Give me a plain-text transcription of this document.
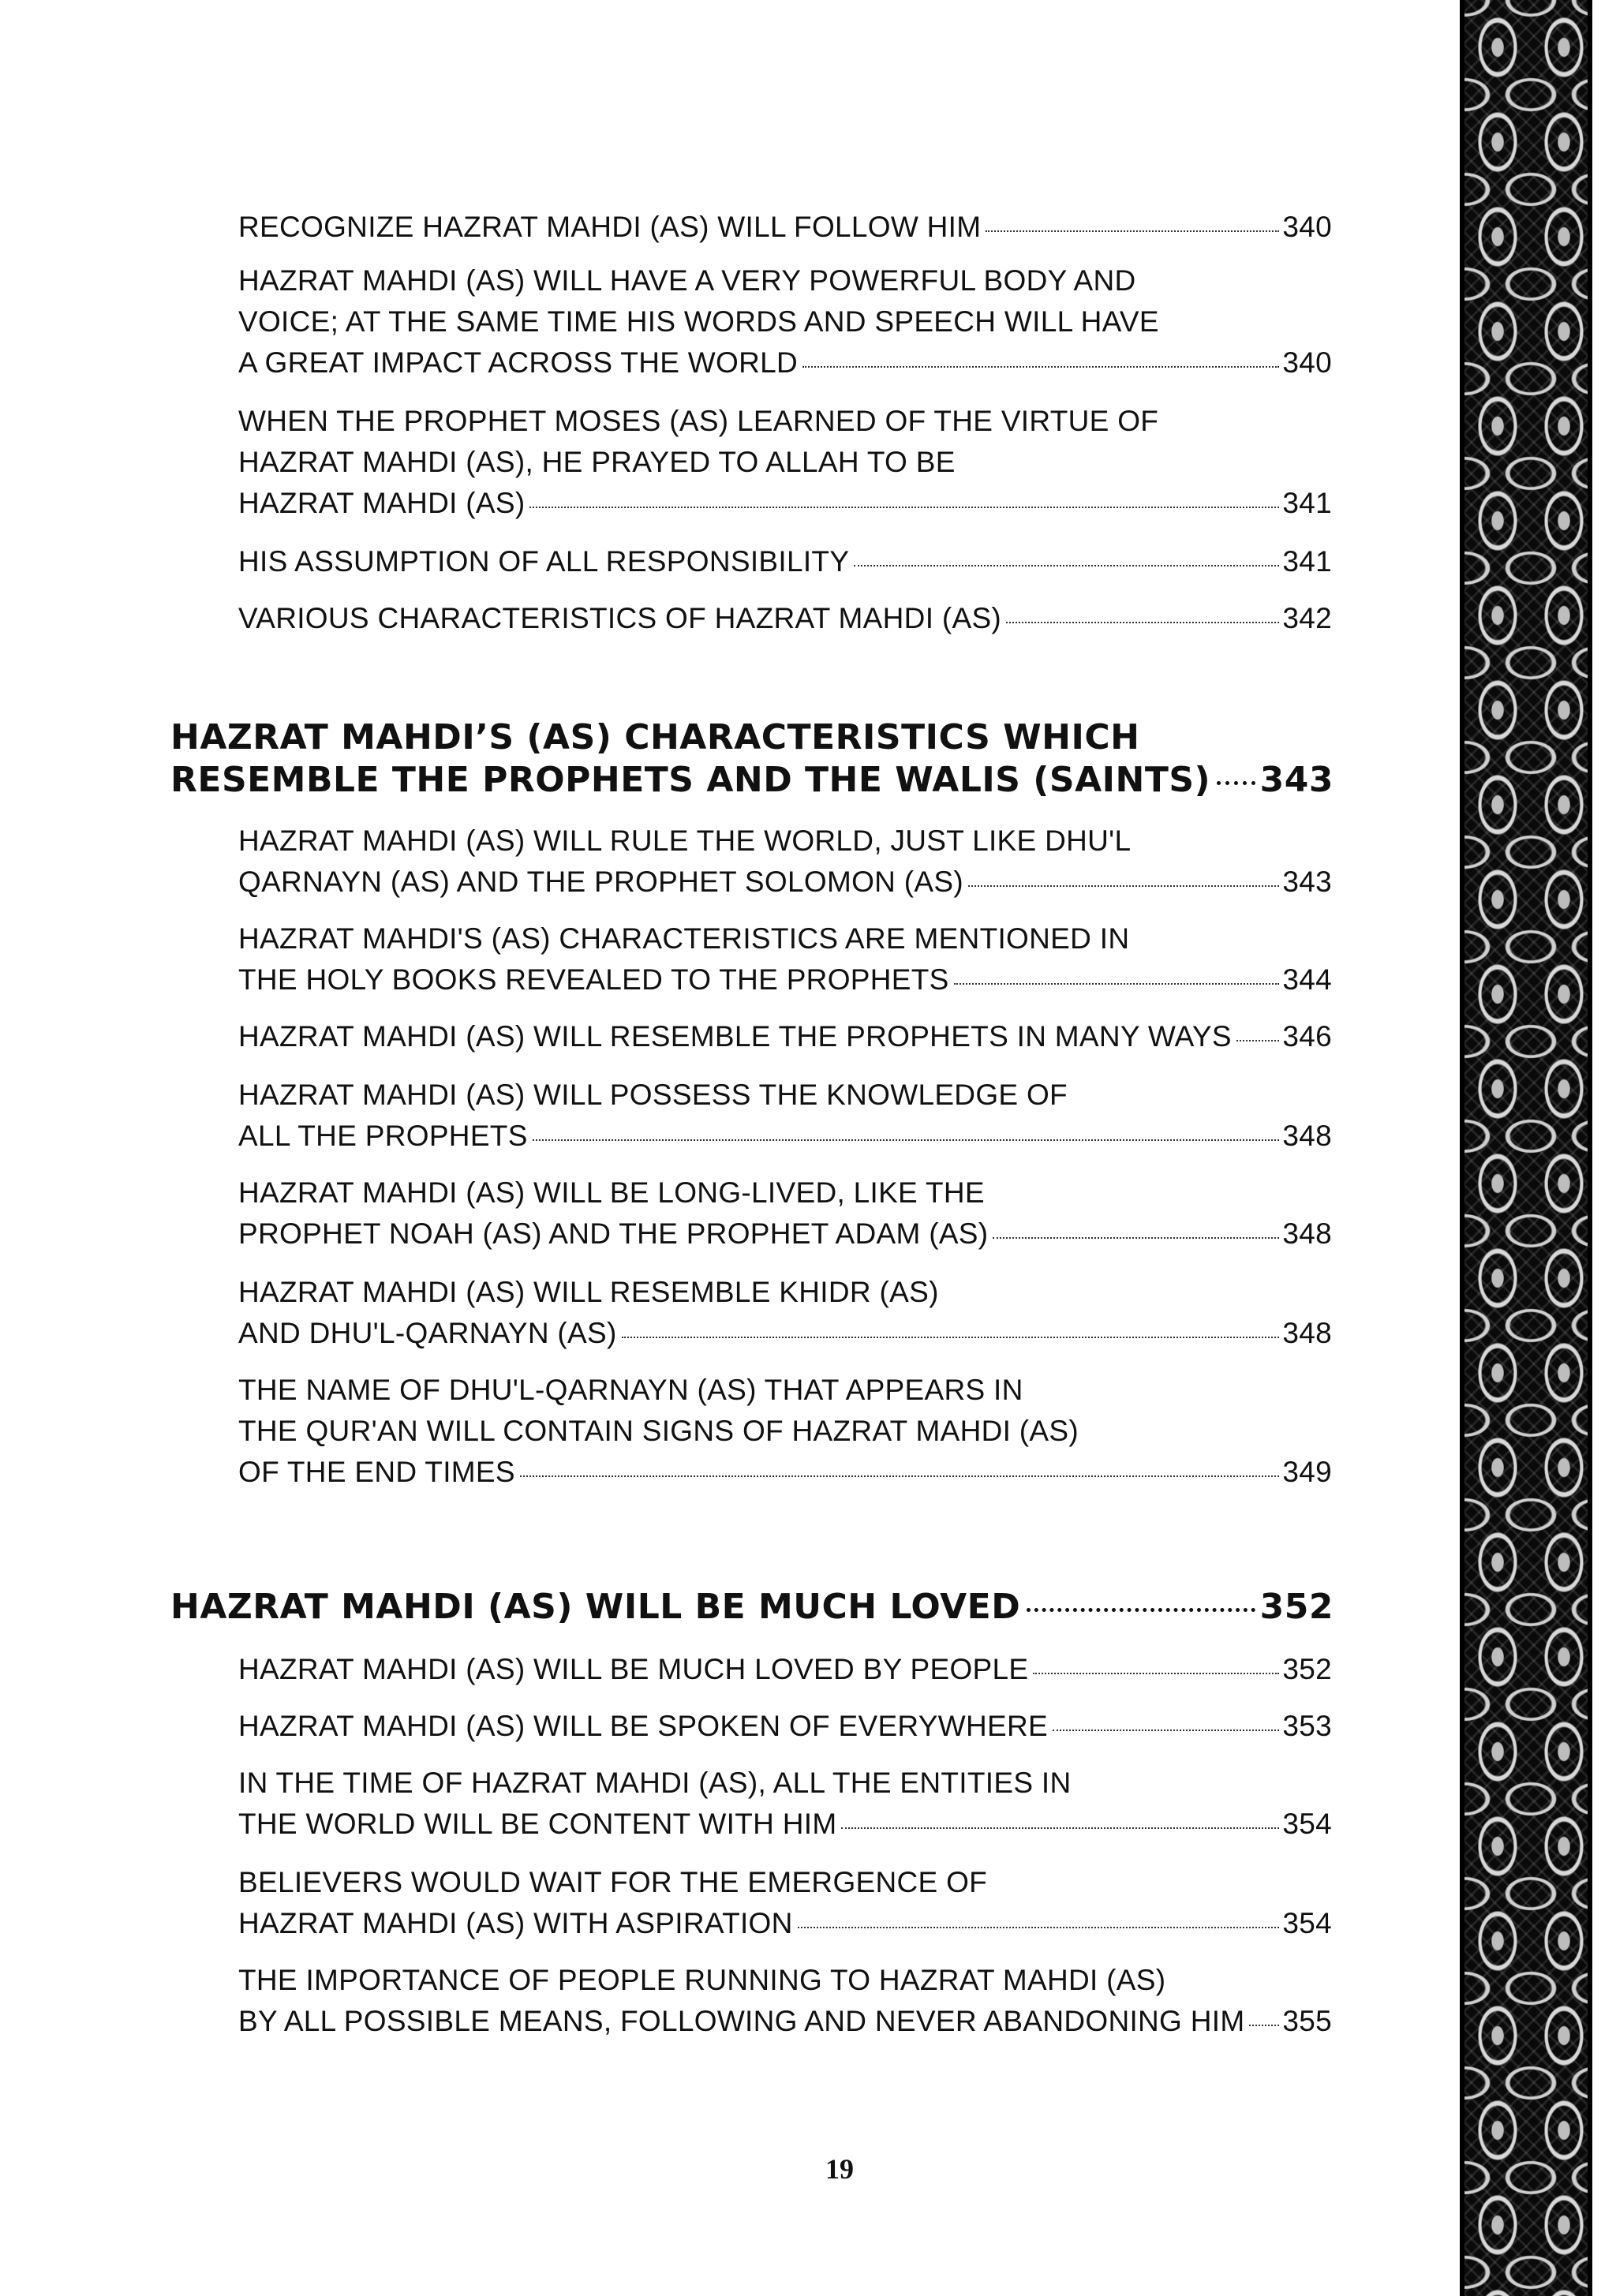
RECOGNIZE HAZRAT MAHDI (AS) WILL FOLLOW HIM	340
HAZRAT MAHDI (AS) WILL HAVE A VERY POWERFUL BODY AND
VOICE; AT THE SAME TIME HIS WORDS AND SPEECH WILL HAVE
A GREAT IMPACT ACROSS THE WORLD	340
WHEN THE PROPHET MOSES (AS) LEARNED OF THE VIRTUE OF
HAZRAT MAHDI (AS), HE PRAYED TO ALLAH TO BE
HAZRAT MAHDI (AS)	341
HIS ASSUMPTION OF ALL RESPONSIBILITY	341
VARIOUS CHARACTERISTICS OF HAZRAT MAHDI (AS)	342
HAZRAT MAHDI’S (AS) CHARACTERISTICS WHICH
RESEMBLE THE PROPHETS AND THE WALIS (SAINTS) 343
HAZRAT MAHDI (AS) WILL RULE THE WORLD, JUST LIKE DHU'L
QARNAYN (AS) AND THE PROPHET SOLOMON (AS)	343
HAZRAT MAHDI'S (AS) CHARACTERISTICS ARE MENTIONED IN
THE HOLY BOOKS REVEALED TO THE PROPHETS	344
HAZRAT MAHDI (AS) WILL RESEMBLE THE PROPHETS IN MANY WAYS 346
HAZRAT MAHDI (AS) WILL POSSESS THE KNOWLEDGE OF
ALL THE PROPHETS	348
HAZRAT MAHDI (AS) WILL BE LONG-LIVED, LIKE THE
PROPHET NOAH (AS) AND THE PROPHET ADAM (AS)	348
HAZRAT MAHDI (AS) WILL RESEMBLE KHIDR (AS)
AND DHU'L-QARNAYN (AS)	348
THE NAME OF DHU'L-QARNAYN (AS) THAT APPEARS IN
THE QUR'AN WILL CONTAIN SIGNS OF HAZRAT MAHDI (AS)
OF THE END TIMES	349
HAZRAT MAHDI (AS) WILL BE MUCH LOVED	352
HAZRAT MAHDI (AS) WILL BE MUCH LOVED BY PEOPLE	352
HAZRAT MAHDI (AS) WILL BE SPOKEN OF EVERYWHERE	353
IN THE TIME OF HAZRAT MAHDI (AS), ALL THE ENTITIES IN
THE WORLD WILL BE CONTENT WITH HIM	354
BELIEVERS WOULD WAIT FOR THE EMERGENCE OF
HAZRAT MAHDI (AS) WITH ASPIRATION	354
THE IMPORTANCE OF PEOPLE RUNNING TO HAZRAT MAHDI (AS)
BY ALL POSSIBLE MEANS, FOLLOWING AND NEVER ABANDONING HIM 355
19
